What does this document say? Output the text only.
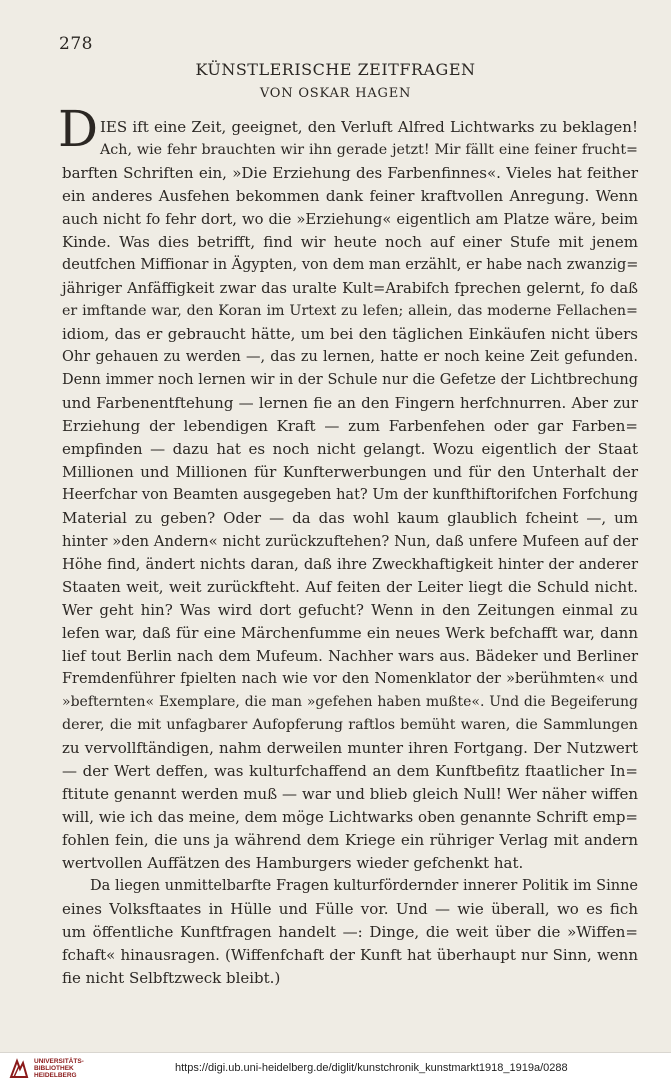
278
KÜNSTLERISCHE ZEITFRAGEN
VON OSKAR HAGEN
D IES ift eine Zeit, geeignet, den Verluft Alfred Lichtwarks zu beklagen!
Ach, wie fehr brauchten wir ihn gerade jetzt! Mir fällt eine feiner frucht=
barften Schriften ein, »Die Erziehung des Farbenfinnes«. Vieles hat feither
ein anderes Ausfehen bekommen dank feiner kraftvollen Anregung. Wenn
auch nicht fo fehr dort, wo die »Erziehung« eigentlich am Platze wäre, beim
Kinde. Was dies betrifft, find wir heute noch auf einer Stufe mit jenem
deutfchen Miffionar in Ägypten, von dem man erzählt, er habe nach zwanzig=
jähriger Anfäffigkeit zwar das uralte Kult=Arabifch fprechen gelernt, fo daß
er imftande war, den Koran im Urtext zu lefen; allein, das moderne Fellachen=
idiom, das er gebraucht hätte, um bei den täglichen Einkäufen nicht übers
Ohr gehauen zu werden —, das zu lernen, hatte er noch keine Zeit gefunden.
Denn immer noch lernen wir in der Schule nur die Gefetze der Lichtbrechung
und Farbenentftehung — lernen fie an den Fingern herfchnurren. Aber zur
Erziehung der lebendigen Kraft — zum Farbenfehen oder gar Farben=
empfinden — dazu hat es noch nicht gelangt. Wozu eigentlich der Staat
Millionen und Millionen für Kunfterwerbungen und für den Unterhalt der
Heerfchar von Beamten ausgegeben hat? Um der kunfthiftorifchen Forfchung
Material zu geben? Oder — da das wohl kaum glaublich fcheint —, um
hinter »den Andern« nicht zurückzuftehen? Nun, daß unfere Mufeen auf der
Höhe find, ändert nichts daran, daß ihre Zweckhaftigkeit hinter der anderer
Staaten weit, weit zurückfteht. Auf feiten der Leiter liegt die Schuld nicht.
Wer geht hin? Was wird dort gefucht? Wenn in den Zeitungen einmal zu
lefen war, daß für eine Märchenfumme ein neues Werk befchafft war, dann
lief tout Berlin nach dem Mufeum. Nachher wars aus. Bädeker und Berliner
Fremdenführer fpielten nach wie vor den Nomenklator der »berühmten« und
»befternten« Exemplare, die man »gefehen haben mußte«. Und die Begeiferung
derer, die mit unfagbarer Aufopferung raftlos bemüht waren, die Sammlungen
zu vervollftändigen, nahm derweilen munter ihren Fortgang. Der Nutzwert
— der Wert deffen, was kulturfchaffend an dem Kunftbefitz ftaatlicher In=
ftitute genannt werden muß — war und blieb gleich Null! Wer näher wiffen
will, wie ich das meine, dem möge Lichtwarks oben genannte Schrift emp=
fohlen fein, die uns ja während dem Kriege ein rühriger Verlag mit andern
wertvollen Auffätzen des Hamburgers wieder gefchenkt hat.
Da liegen unmittelbarfte Fragen kulturfördernder innerer Politik im Sinne
eines Volksftaates in Hülle und Fülle vor. Und — wie überall, wo es fich
um öffentliche Kunftfragen handelt —: Dinge, die weit über die »Wiffen=
fchaft« hinausragen. (Wiffenfchaft der Kunft hat überhaupt nur Sinn, wenn
fie nicht Selbftzweck bleibt.)
UNIVERSITÄTS-
BIBLIOTHEK
HEIDELBERG
https://digi.ub.uni-heidelberg.de/diglit/kunstchronik_kunstmarkt1918_1919a/0288
